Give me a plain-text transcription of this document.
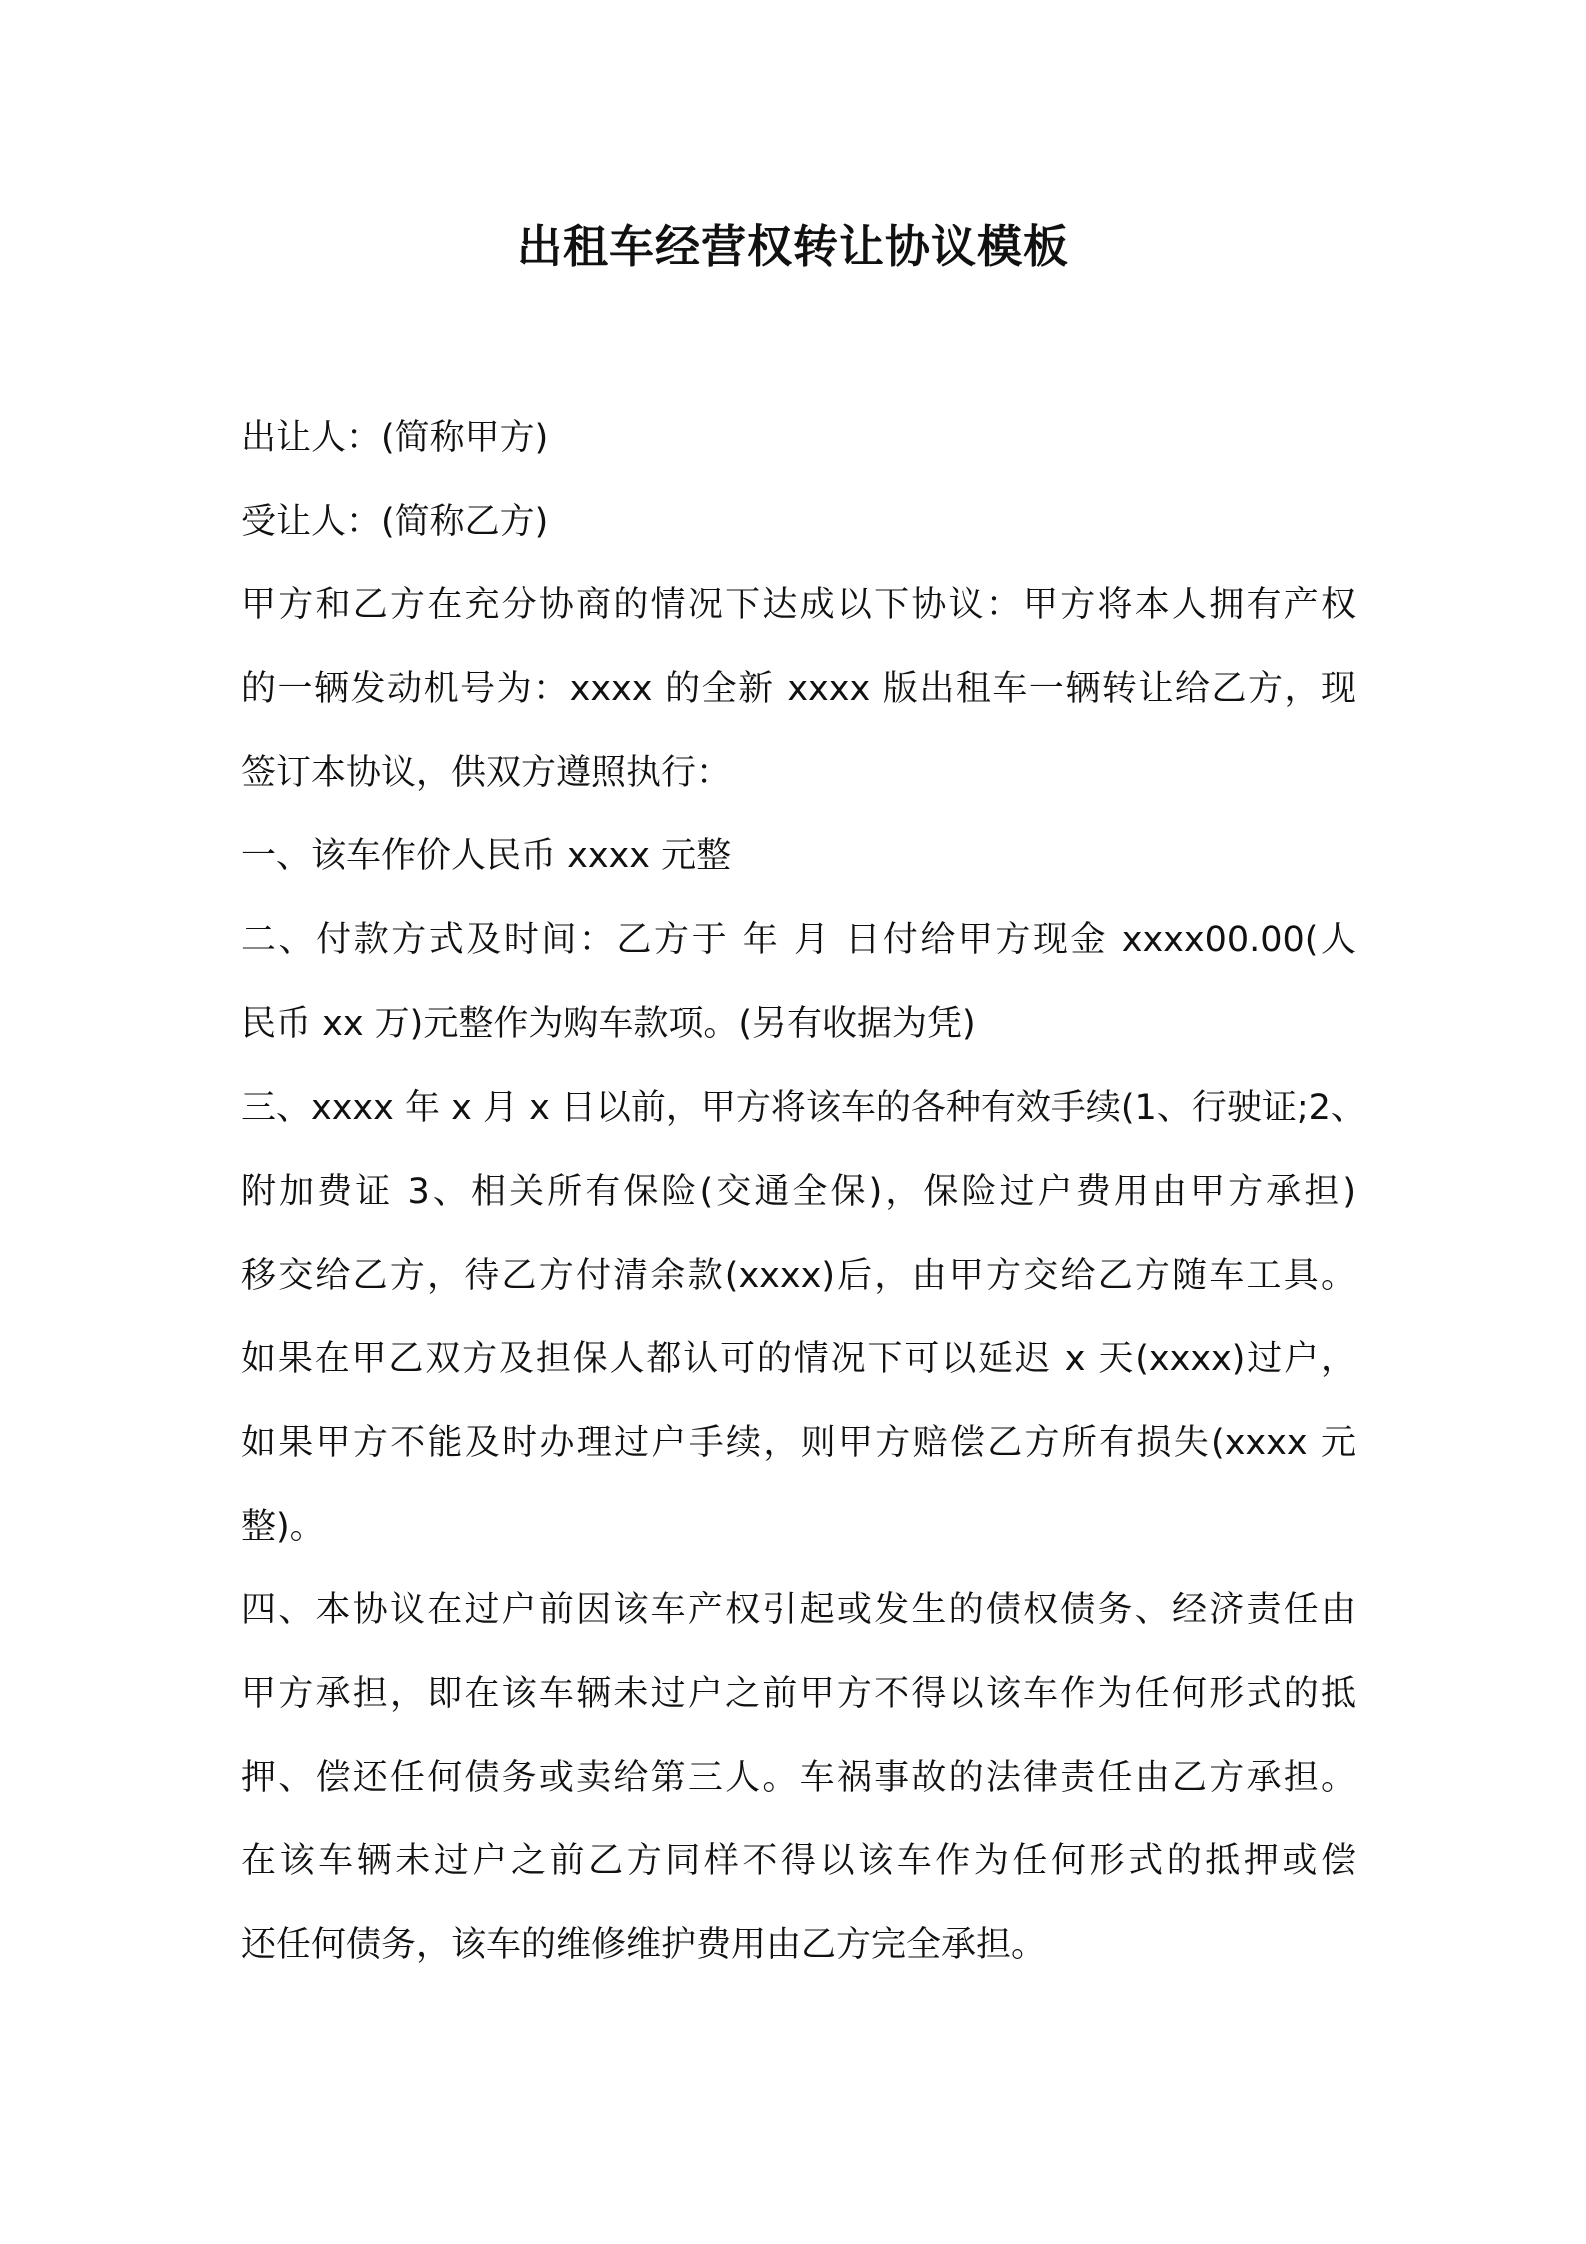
出租车经营权转让协议模板

出让人：(简称甲方)

受让人：(简称乙方)

甲方和乙方在充分协商的情况下达成以下协议：甲方将本人拥有产权

的一辆发动机号为：xxxx 的全新 xxxx 版出租车一辆转让给乙方，现

签订本协议，供双方遵照执行：

一、该车作价人民币 xxxx 元整

二、付款方式及时间：乙方于 年 月 日付给甲方现金 xxxx00.00(人

民币 xx 万)元整作为购车款项。(另有收据为凭)

三、xxxx 年 x 月 x 日以前，甲方将该车的各种有效手续(1、行驶证;2、

附加费证 3、相关所有保险(交通全保)，保险过户费用由甲方承担)

移交给乙方，待乙方付清余款(xxxx)后，由甲方交给乙方随车工具。

如果在甲乙双方及担保人都认可的情况下可以延迟 x 天(xxxx)过户，

如果甲方不能及时办理过户手续，则甲方赔偿乙方所有损失(xxxx 元

整)。

四、本协议在过户前因该车产权引起或发生的债权债务、经济责任由

甲方承担，即在该车辆未过户之前甲方不得以该车作为任何形式的抵

押、偿还任何债务或卖给第三人。车祸事故的法律责任由乙方承担。

在该车辆未过户之前乙方同样不得以该车作为任何形式的抵押或偿

还任何债务，该车的维修维护费用由乙方完全承担。
